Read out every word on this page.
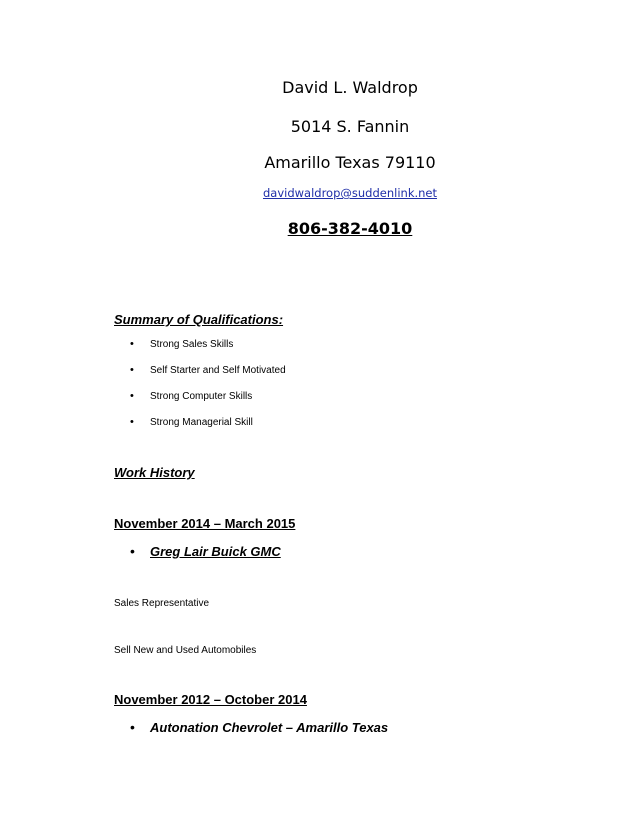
David L. Waldrop
5014 S. Fannin
Amarillo Texas 79110
davidwaldrop@suddenlink.net
806-382-4010
Summary of Qualifications:
•	Strong Sales Skills
•	Self Starter and Self Motivated
•	Strong Computer Skills
•	Strong Managerial Skill
Work History
November 2014 – March 2015
•	Greg Lair Buick GMC
Sales Representative
Sell New and Used Automobiles
November 2012 – October 2014
•	Autonation Chevrolet – Amarillo Texas
